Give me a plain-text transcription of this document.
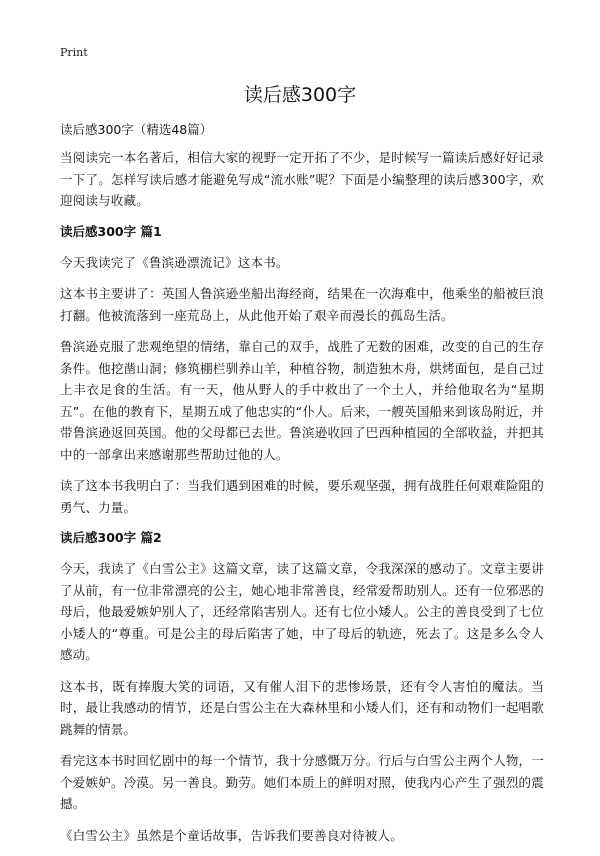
Print
读后感300字
读后感300字（精选48篇）

当阅读完一本名著后，相信大家的视野一定开拓了不少，是时候写一篇读后感好好记录一下了。怎样写读后感才能避免写成“流水账”呢？下面是小编整理的读后感300字，欢迎阅读与收藏。

读后感300字 篇1

今天我读完了《鲁滨逊漂流记》这本书。

这本书主要讲了：英国人鲁滨逊坐船出海经商，结果在一次海难中，他乘坐的船被巨浪打翻。他被流落到一座荒岛上，从此他开始了艰辛而漫长的孤岛生活。

鲁滨逊克服了悲观绝望的情绪，靠自己的双手，战胜了无数的困难，改变的自己的生存条件。他挖凿山洞；修筑棚栏驯养山羊，种植谷物，制造独木舟，烘烤面包，是自己过上丰衣足食的生活。有一天，他从野人的手中救出了一个土人，并给他取名为“星期五”。在他的教育下，星期五成了他忠实的“仆人。后来，一艘英国船来到该岛附近，并带鲁滨逊返回英国。他的父母都已去世。鲁滨逊收回了巴西种植园的全部收益，并把其中的一部拿出来感谢那些帮助过他的人。

读了这本书我明白了：当我们遇到困难的时候，要乐观坚强，拥有战胜任何艰难险阻的勇气、力量。

读后感300字 篇2

今天，我读了《白雪公主》这篇文章，读了这篇文章，令我深深的感动了。文章主要讲了从前，有一位非常漂亮的公主，她心地非常善良，经常爱帮助别人。还有一位邪恶的母后，他最爱嫉妒别人了，还经常陷害别人。还有七位小矮人。公主的善良受到了七位小矮人的“尊重。可是公主的母后陷害了她，中了母后的轨迹，死去了。这是多么令人感动。

这本书，既有捧腹大笑的词语，又有催人泪下的悲惨场景，还有令人害怕的魔法。当时，最让我感动的情节，还是白雪公主在大森林里和小矮人们，还有和动物们一起唱歌跳舞的情景。

看完这本书时回忆剧中的每一个情节，我十分感慨万分。行后与白雪公主两个人物，一个爱嫉妒。冷漠。另一善良。勤劳。她们本质上的鲜明对照，使我内心产生了强烈的震撼。

《白雪公主》虽然是个童话故事，告诉我们要善良对待被人。
